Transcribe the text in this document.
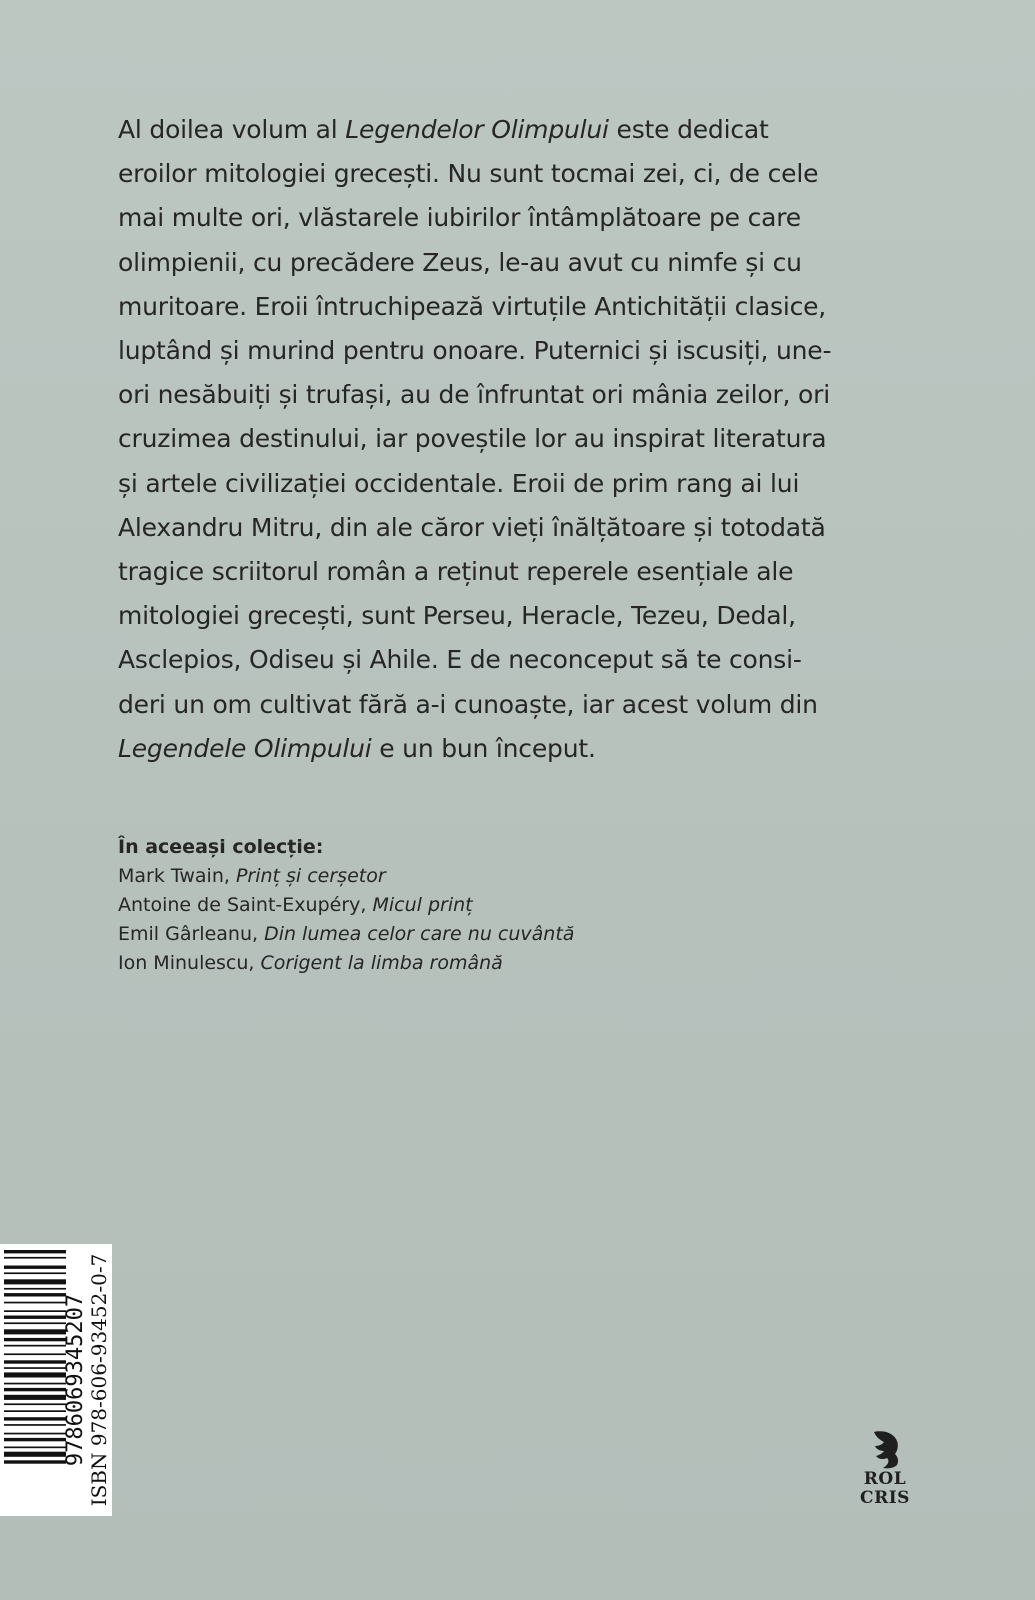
Al doilea volum al Legendelor Olimpului este dedicat
eroilor mitologiei grecești. Nu sunt tocmai zei, ci, de cele
mai multe ori, vlăstarele iubirilor întâmplătoare pe care
olimpienii, cu precădere Zeus, le-au avut cu nimfe și cu
muritoare. Eroii întruchipează virtuțile Antichității clasice,
luptând și murind pentru onoare. Puternici și iscusiți, une-
ori nesăbuiți și trufași, au de înfruntat ori mânia zeilor, ori
cruzimea destinului, iar poveștile lor au inspirat literatura
și artele civilizației occidentale. Eroii de prim rang ai lui
Alexandru Mitru, din ale căror vieți înălțătoare și totodată
tragice scriitorul român a reținut reperele esențiale ale
mitologiei grecești, sunt Perseu, Heracle, Tezeu, Dedal,
Asclepios, Odiseu și Ahile. E de neconceput să te consi-
deri un om cultivat fără a-i cunoaște, iar acest volum din
Legendele Olimpului e un bun început.

În aceeași colecție:
Mark Twain, Prinț și cerșetor
Antoine de Saint-Exupéry, Micul prinț
Emil Gârleanu, Din lumea celor care nu cuvântă
Ion Minulescu, Corigent la limba română
9786069345207 ISBN 978-606-93452-0-7	ROL
CRIS
